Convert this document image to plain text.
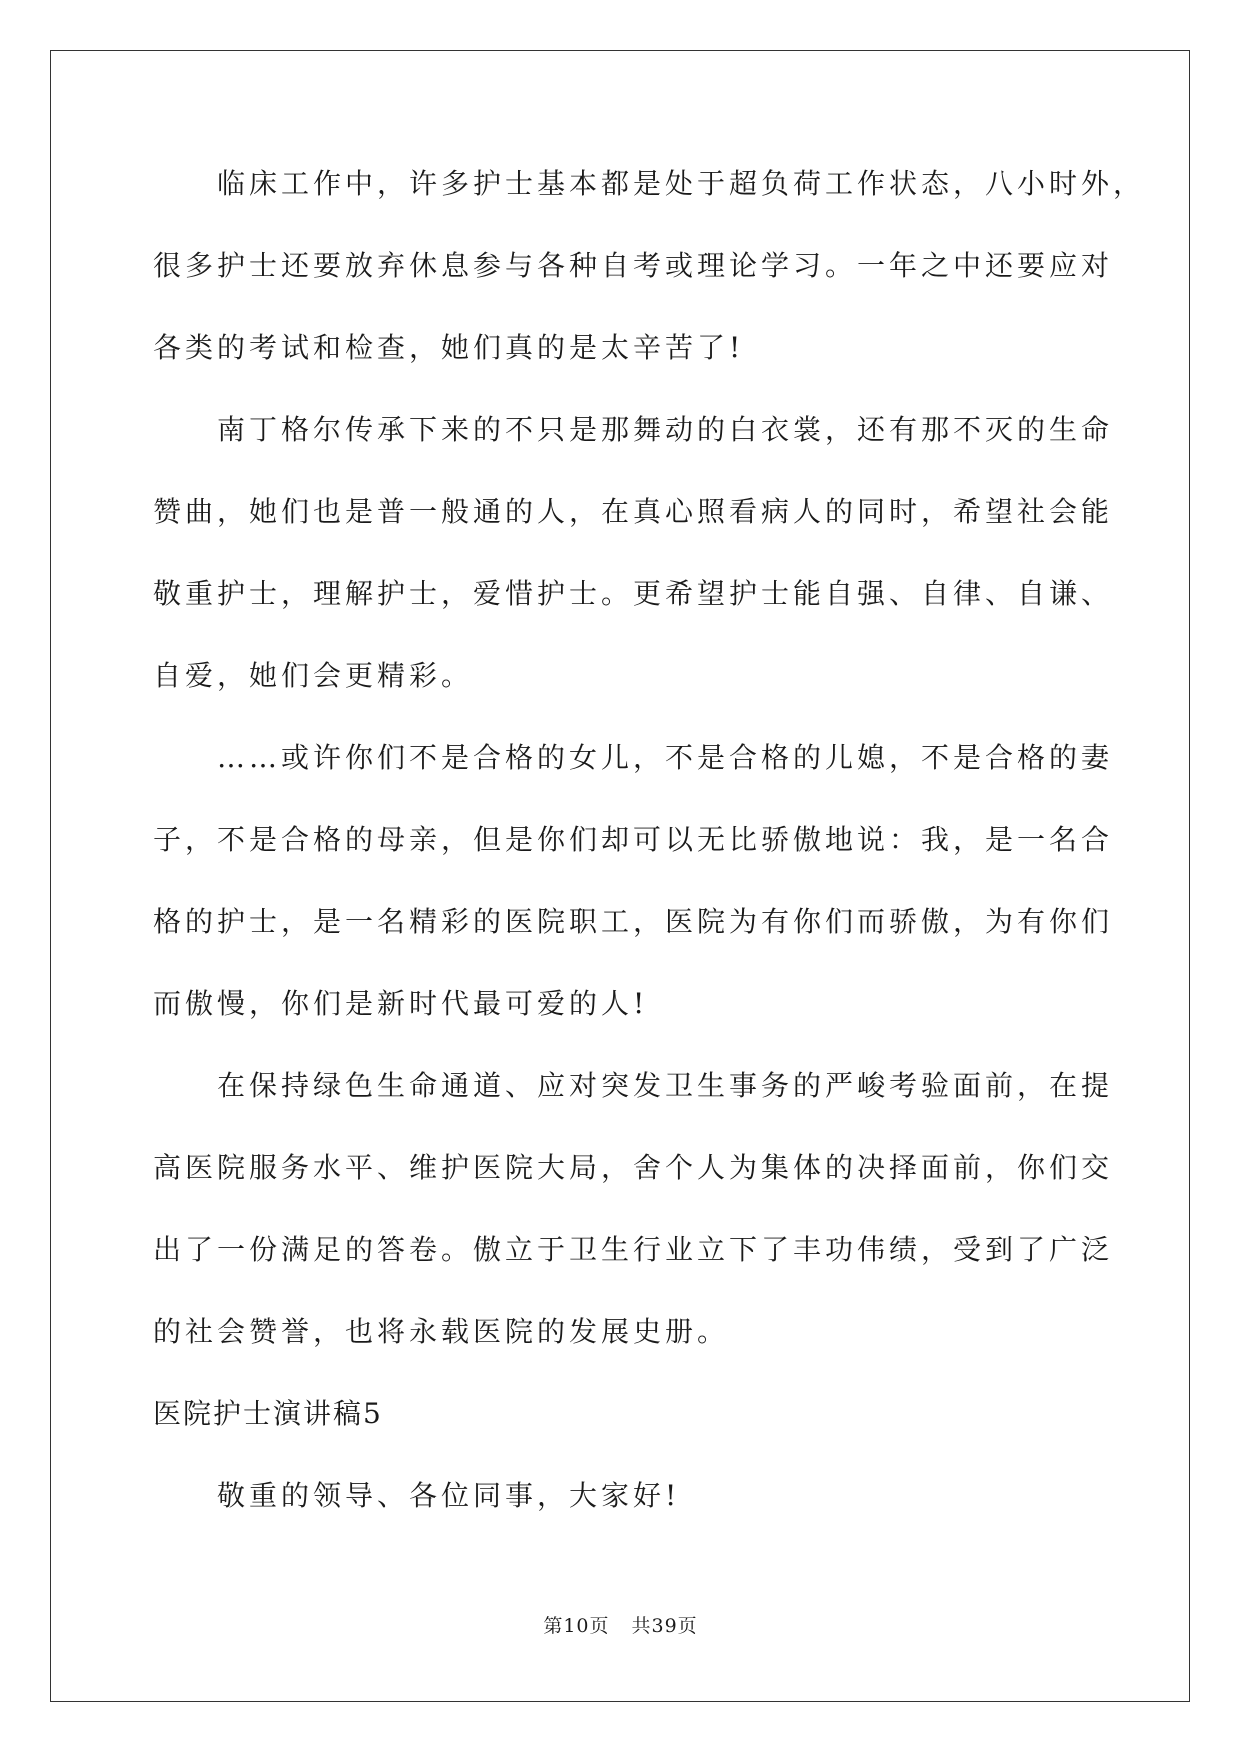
临床工作中，许多护士基本都是处于超负荷工作状态，八小时外，
很多护士还要放弃休息参与各种自考或理论学习。一年之中还要应对
各类的考试和检查，她们真的是太辛苦了!
南丁格尔传承下来的不只是那舞动的白衣裳，还有那不灭的生命
赞曲，她们也是普一般通的人，在真心照看病人的同时，希望社会能
敬重护士，理解护士，爱惜护士。更希望护士能自强、自律、自谦、
自爱，她们会更精彩。
……或许你们不是合格的女儿，不是合格的儿媳，不是合格的妻
子，不是合格的母亲，但是你们却可以无比骄傲地说：我，是一名合
格的护士，是一名精彩的医院职工，医院为有你们而骄傲，为有你们
而傲慢，你们是新时代最可爱的人!
在保持绿色生命通道、应对突发卫生事务的严峻考验面前，在提
高医院服务水平、维护医院大局，舍个人为集体的决择面前，你们交
出了一份满足的答卷。傲立于卫生行业立下了丰功伟绩，受到了广泛
的社会赞誉，也将永载医院的发展史册。
医院护士演讲稿5
敬重的领导、各位同事，大家好!
第10页 共39页
